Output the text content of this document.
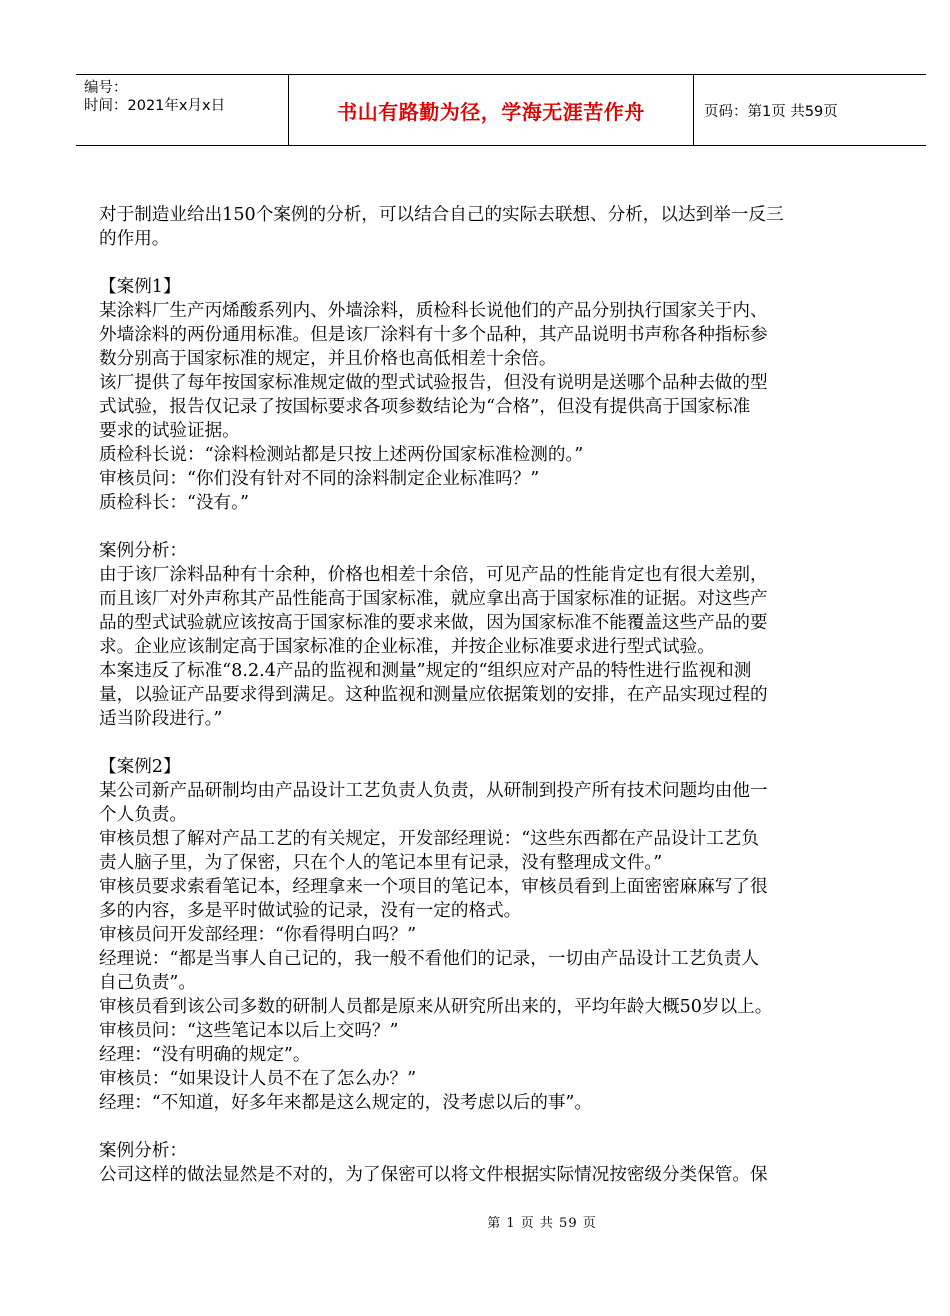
编号：
时间：2021年x月x日	书山有路勤为径，学海无涯苦作舟	页码：第1页 共59页

对于制造业给出150个案例的分析，可以结合自己的实际去联想、分析，以达到举一反三

的作用。

【案例1】

某涂料厂生产丙烯酸系列内、外墙涂料，质检科长说他们的产品分别执行国家关于内、

外墙涂料的两份通用标准。但是该厂涂料有十多个品种，其产品说明书声称各种指标参

数分别高于国家标准的规定，并且价格也高低相差十余倍。

该厂提供了每年按国家标准规定做的型式试验报告，但没有说明是送哪个品种去做的型

式试验，报告仅记录了按国标要求各项参数结论为“合格”，但没有提供高于国家标准

要求的试验证据。

质检科长说：“涂料检测站都是只按上述两份国家标准检测的。”

审核员问：“你们没有针对不同的涂料制定企业标准吗？”

质检科长：“没有。”

案例分析：

由于该厂涂料品种有十余种，价格也相差十余倍，可见产品的性能肯定也有很大差别，

而且该厂对外声称其产品性能高于国家标准，就应拿出高于国家标准的证据。对这些产

品的型式试验就应该按高于国家标准的要求来做，因为国家标准不能覆盖这些产品的要

求。企业应该制定高于国家标准的企业标准，并按企业标准要求进行型式试验。

本案违反了标准“8.2.4产品的监视和测量”规定的“组织应对产品的特性进行监视和测

量，以验证产品要求得到满足。这种监视和测量应依据策划的安排，在产品实现过程的

适当阶段进行。”

【案例2】

某公司新产品研制均由产品设计工艺负责人负责，从研制到投产所有技术问题均由他一

个人负责。

审核员想了解对产品工艺的有关规定，开发部经理说：“这些东西都在产品设计工艺负

责人脑子里，为了保密，只在个人的笔记本里有记录，没有整理成文件。”

审核员要求索看笔记本，经理拿来一个项目的笔记本，审核员看到上面密密麻麻写了很

多的内容，多是平时做试验的记录，没有一定的格式。

审核员问开发部经理：“你看得明白吗？”

经理说：“都是当事人自己记的，我一般不看他们的记录，一切由产品设计工艺负责人

自己负责”。

审核员看到该公司多数的研制人员都是原来从研究所出来的，平均年龄大概50岁以上。

审核员问：“这些笔记本以后上交吗？”

经理：“没有明确的规定”。

审核员：“如果设计人员不在了怎么办？”

经理：“不知道，好多年来都是这么规定的，没考虑以后的事”。

案例分析：

公司这样的做法显然是不对的，为了保密可以将文件根据实际情况按密级分类保管。保

第 1 页 共 59 页
